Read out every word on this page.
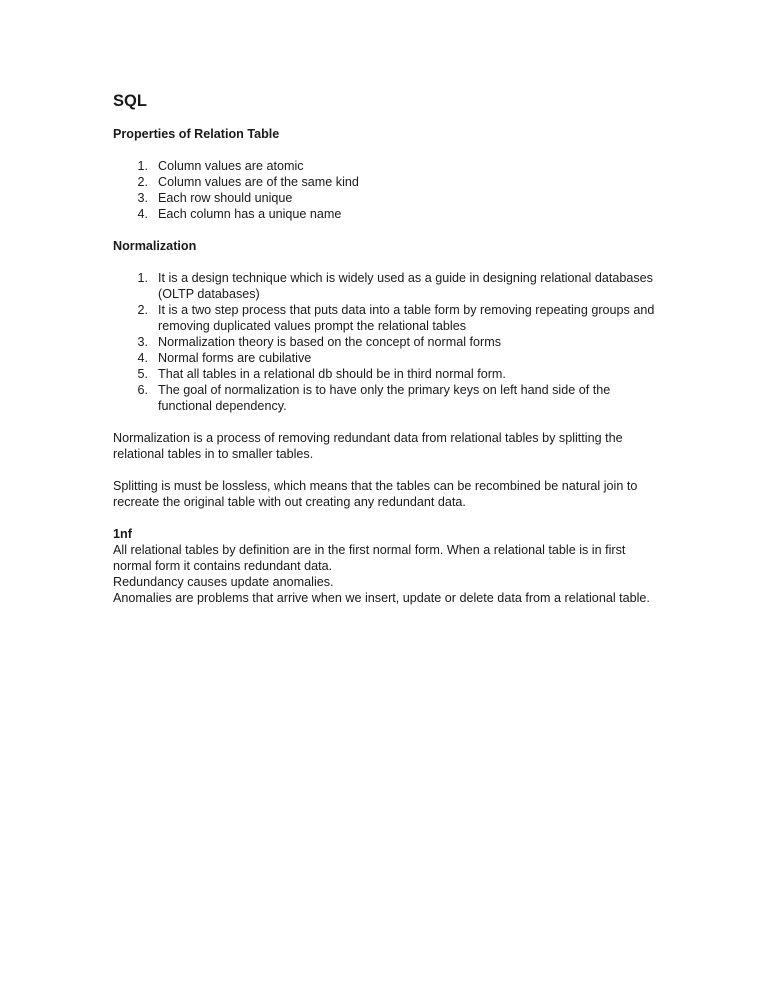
SQL
Properties of Relation Table
1. Column values are atomic
2. Column values are of the same kind
3. Each row should unique
4. Each column has a unique name
Normalization
1. It is a design technique which is widely used as a guide in designing relational databases (OLTP databases)
2. It is a two step process that puts data into a table form by removing repeating groups and removing duplicated values prompt the relational tables
3. Normalization theory is based on the concept of normal forms
4. Normal forms are cubilative
5. That all tables in a relational db should be in third normal form.
6. The goal of normalization is to have only the primary keys on left hand side of the functional dependency.

Normalization is a process of removing redundant data from relational tables by splitting the relational tables in to smaller tables.

Splitting is must be lossless, which means that the tables can be recombined be natural join to recreate the original table with out creating any redundant data.

1nf

All relational tables by definition are in the first normal form. When a relational table is in first normal form it contains redundant data.

Redundancy causes update anomalies.

Anomalies are problems that arrive when we insert, update or delete data from a relational table.
